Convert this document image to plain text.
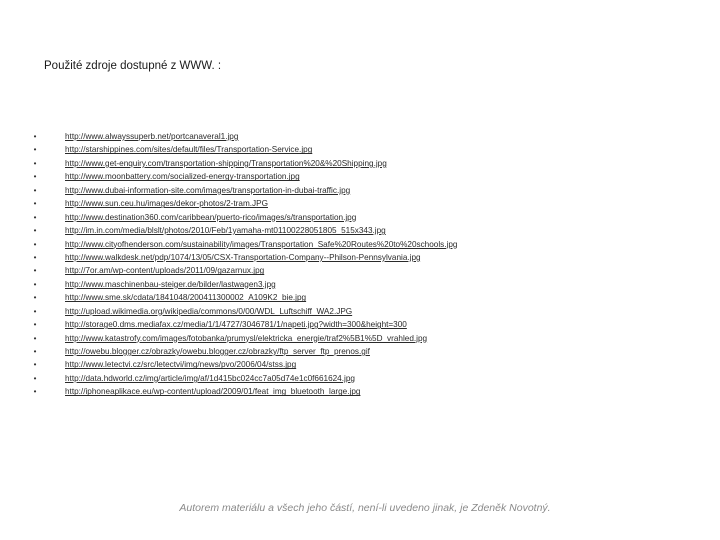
Použité zdroje dostupné z WWW. :
•	http://www.alwayssuperb.net/portcanaveral1.jpg
•	http://starshippines.com/sites/default/files/Transportation-Service.jpg
•	http://www.get-enquiry.com/transportation-shipping/Transportation%20&%20Shipping.jpg
•	http://www.moonbattery.com/socialized-energy-transportation.jpg
•	http://www.dubai-information-site.com/images/transportation-in-dubai-traffic.jpg
•	http://www.sun.ceu.hu/images/dekor-photos/2-tram.JPG
•	http://www.destination360.com/caribbean/puerto-rico/images/s/transportation.jpg
•	http://im.in.com/media/blslt/photos/2010/Feb/1yamaha-mt01100228051805_515x343.jpg
•	http://www.cityofhenderson.com/sustainability/images/Transportation_Safe%20Routes%20to%20schools.jpg
•	http://www.walkdesk.net/pdp/1074/13/05/CSX-Transportation-Company--Philson-Pennsylvania.jpg
•	http://7or.am/wp-content/uploads/2011/09/gazarnux.jpg
•	http://www.maschinenbau-steiger.de/bilder/lastwagen3.jpg
•	http://www.sme.sk/cdata/1841048/200411300002_A109K2_bie.jpg
•	http://upload.wikimedia.org/wikipedia/commons/0/00/WDL_Luftschiff_WA2.JPG
•	http://storage0.dms.mediafax.cz/media/1/1/4727/3046781/1/napeti.jpg?width=300&height=300
•	http://www.katastrofy.com/images/fotobanka/prumysl/elektricka_energie/traf2%5B1%5D_vrahled.jpg
•	http://owebu.blogger.cz/obrazky/owebu.blogger.cz/obrazky/ftp_server_ftp_prenos.gif
•	http://www.letectvi.cz/src/letectvi/img/news/pvo/2006/04/stss.jpg
•	http://data.hdworld.cz/img/article/img/af/1d415bc024cc7a05d74e1c0f661624.jpg
•	http://iphoneaplikace.eu/wp-content/upload/2009/01/feat_img_bluetooth_large.jpg
Autorem materiálu a všech jeho částí, není-li uvedeno jinak, je Zdeněk Novotný.
